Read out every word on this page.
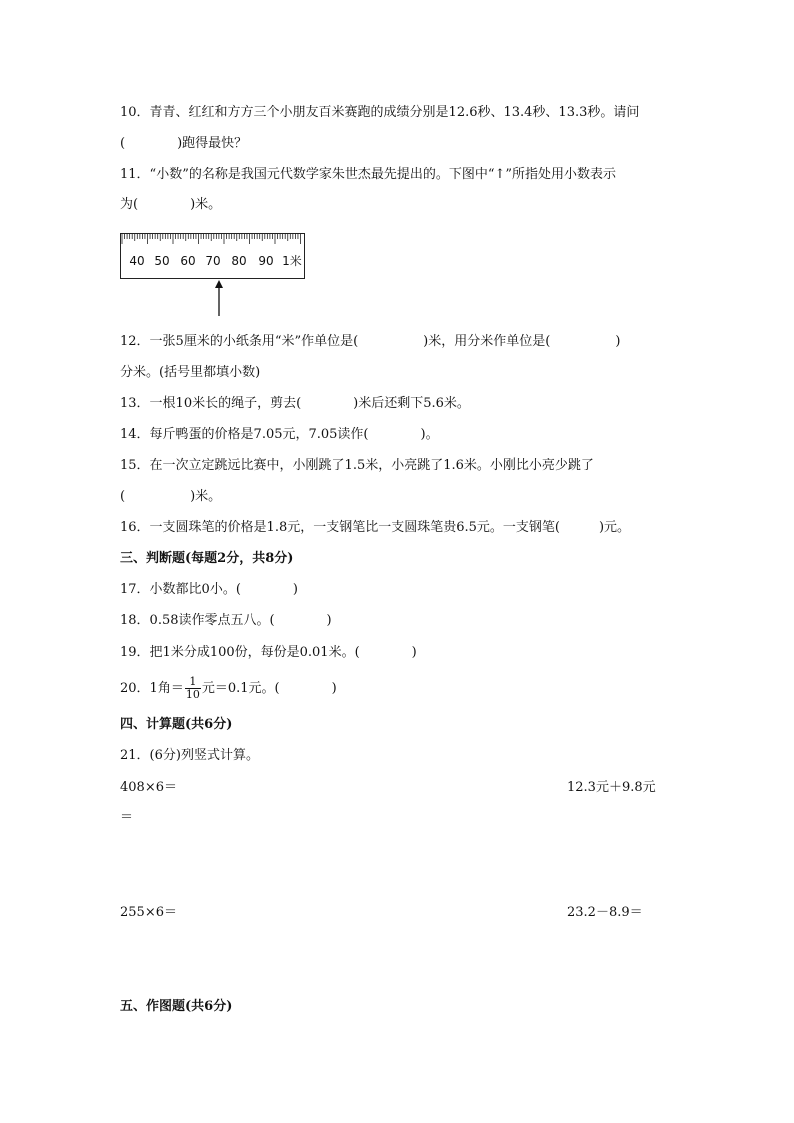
10．青青、红红和方方三个小朋友百米赛跑的成绩分别是12.6秒、13.4秒、13.3秒。请问
(　　　　)跑得最快？
11．“小数”的名称是我国元代数学家朱世杰最先提出的。下图中“↑”所指处用小数表示
为(　　　　)米。
40 50 60 70 80 90 1米
12．一张5厘米的小纸条用“米”作单位是(　　　　　)米，用分米作单位是(　　　　　)
分米。(括号里都填小数)
13．一根10米长的绳子，剪去(　　　　)米后还剩下5.6米。
14．每斤鸭蛋的价格是7.05元，7.05读作(　　　　)。
15．在一次立定跳远比赛中，小刚跳了1.5米，小亮跳了1.6米。小刚比小亮少跳了
(　　　　　)米。
16．一支圆珠笔的价格是1.8元，一支钢笔比一支圆珠笔贵6.5元。一支钢笔(　　　)元。
三、判断题(每题2分，共8分)
17．小数都比0小。(　　　　)
18．0.58读作零点五八。(　　　　)
19．把1米分成100份，每份是0.01米。(　　　　)
20．1角＝ $\frac{1}{10}$ 元＝0.1元。(　　　　)
四、计算题(共6分)
21．(6分)列竖式计算。
408×6＝	12.3元＋9.8元
＝
255×6＝	23.2－8.9＝
五、作图题(共6分)
